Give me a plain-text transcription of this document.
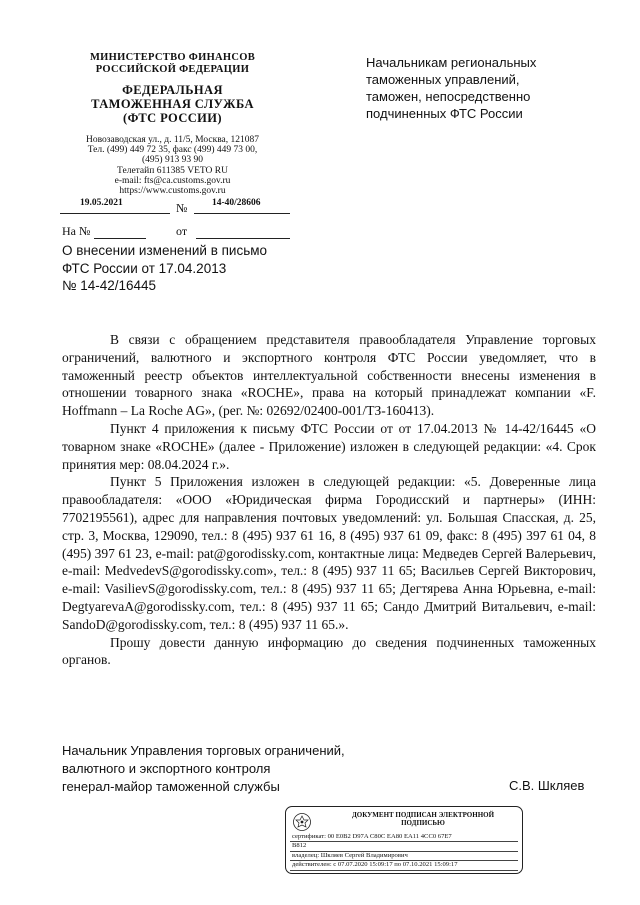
МИНИСТЕРСТВО ФИНАНСОВ
РОССИЙСКОЙ ФЕДЕРАЦИИ
ФЕДЕРАЛЬНАЯ
ТАМОЖЕННАЯ СЛУЖБА
(ФТС РОССИИ)
Новозаводская ул., д. 11/5, Москва, 121087
Тел. (499) 449 72 35, факс (499) 449 73 00,
(495) 913 93 90
Телетайп 611385 VETO RU
e-mail: fts@ca.customs.gov.ru
https://www.customs.gov.ru
Начальникам региональных
таможенных управлений,
таможен, непосредственно
подчиненных ФТС России
19.05.2021	№	14-40/28606
На №	от
О внесении изменений в письмо
ФТС России от 17.04.2013
№ 14-42/16445

В связи с обращением представителя правообладателя Управление торговых ограничений, валютного и экспортного контроля ФТС России уведомляет, что в таможенный реестр объектов интеллектуальной собственности внесены изменения в отношении товарного знака «ROCHE», права на который принадлежат компании «F. Hoffmann – La Roche AG», (рег. №: 02692/02400-001/ТЗ-160413).

Пункт 4 приложения к письму ФТС России от от 17.04.2013 № 14-42/16445 «О товарном знаке «ROCHE» (далее - Приложение) изложен в следующей редакции: «4. Срок принятия мер: 08.04.2024 г.».

Пункт 5 Приложения изложен в следующей редакции: «5. Доверенные лица правообладателя: «ООО «Юридическая фирма Городисский и партнеры» (ИНН: 7702195561), адрес для направления почтовых уведомлений: ул. Большая Спасская, д. 25, стр. 3, Москва, 129090, тел.: 8 (495) 937 61 16, 8 (495) 937 61 09, факс: 8 (495) 397 61 04, 8 (495) 397 61 23, e-mail: pat@gorodissky.com, контактные лица: Медведев Сергей Валерьевич, e-mail: MedvedevS@gorodissky.com», тел.: 8 (495) 937 11 65; Васильев Сергей Викторович, e-mail: VasilievS@gorodissky.com, тел.: 8 (495) 937 11 65; Дегтярева Анна Юрьевна, e-mail: DegtyarevaA@gorodissky.com, тел.: 8 (495) 937 11 65; Сандо Дмитрий Витальевич, e-mail: SandoD@gorodissky.com, тел.: 8 (495) 937 11 65.».

Прошу довести данную информацию до сведения подчиненных таможенных органов.

Начальник Управления торговых ограничений,
валютного и экспортного контроля
генерал-майор таможенной службы	С.В. Шкляев
ДОКУМЕНТ ПОДПИСАН ЭЛЕКТРОННОЙ
ПОДПИСЬЮ
сертификат: 00 E0B2 D97A C80C EA80 EA11 4CC0 67E7
B812
владелец: Шкляев Сергей Владимирович
действителен: с 07.07.2020 15:09:17 по 07.10.2021 15:09:17
